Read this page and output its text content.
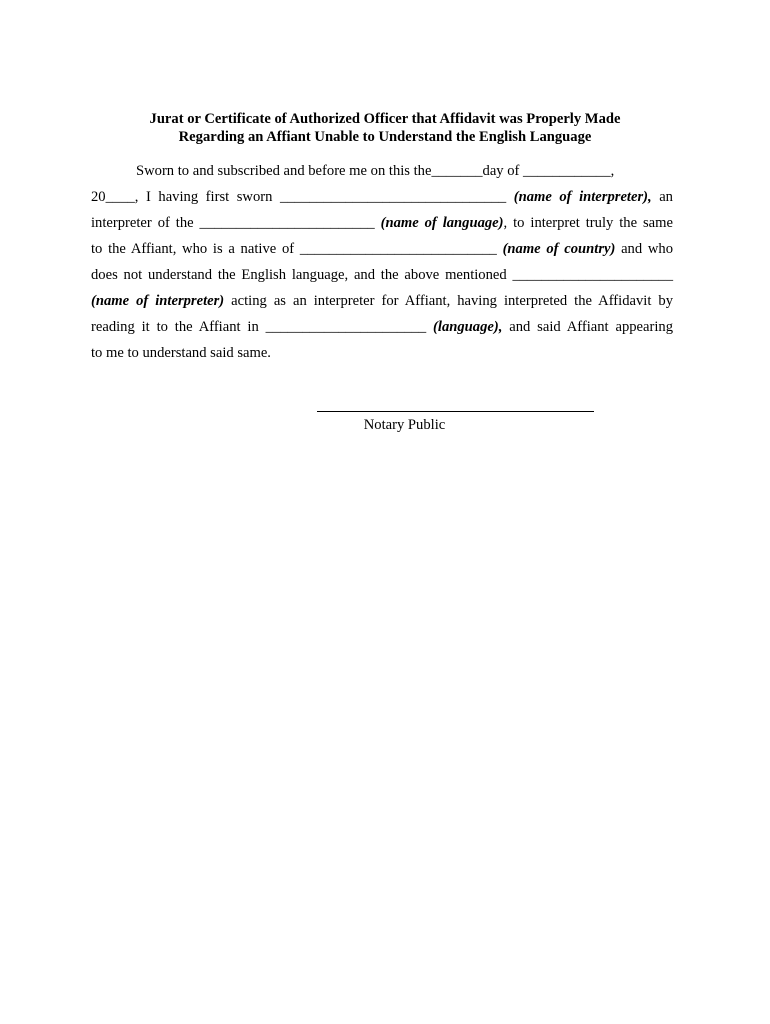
Jurat or Certificate of Authorized Officer that Affidavit was Properly Made
Regarding an Affiant Unable to Understand the English Language
Sworn to and subscribed and before me on this the_______day of ____________,
20____, I having first sworn _______________________________ (name of interpreter), an
interpreter of the ________________________ (name of language), to interpret truly the same
to the Affiant, who is a native of ___________________________ (name of country) and who
does not understand the English language, and the above mentioned ______________________
(name of interpreter) acting as an interpreter for Affiant, having interpreted the Affidavit by
reading it to the Affiant in ______________________ (language), and said Affiant appearing
to me to understand said same.
Notary Public
